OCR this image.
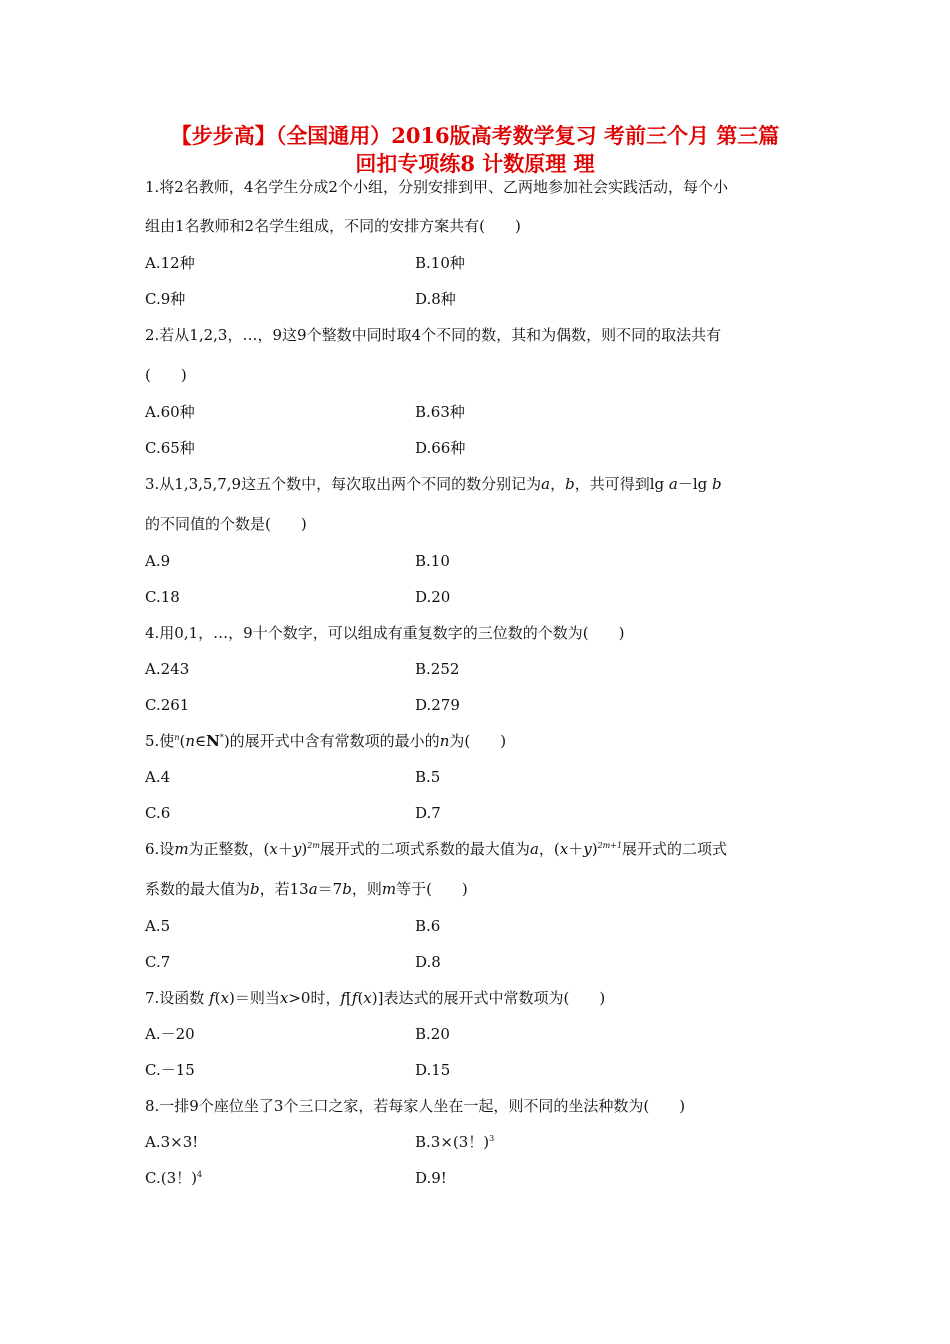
【步步高】（全国通用）2016版高考数学复习 考前三个月 第三篇
回扣专项练8 计数原理 理
1.将2名教师，4名学生分成2个小组，分别安排到甲、乙两地参加社会实践活动，每个小
组由1名教师和2名学生组成，不同的安排方案共有(　　)
A.12种	B.10种
C.9种	D.8种
2.若从1,2,3，…，9这9个整数中同时取4个不同的数，其和为偶数，则不同的取法共有
(　　)
A.60种	B.63种
C.65种	D.66种
3.从1,3,5,7,9这五个数中，每次取出两个不同的数分别记为a，b，共可得到lg a－lg b
的不同值的个数是(　　)
A.9	B.10
C.18	D.20
4.用0,1，…，9十个数字，可以组成有重复数字的三位数的个数为(　　)
A.243	B.252
C.261	D.279
5.使$^n$(n∈N*)的展开式中含有常数项的最小的n为(　　)
A.4	B.5
C.6	D.7
6.设m为正整数，$(x+y)^{2m}$展开式的二项式系数的最大值为a，$(x+y)^{2m+1}$展开式的二项式
系数的最大值为b，若13a＝7b，则m等于(　　)
A.5	B.6
C.7	D.8
7.设函数 f(x)＝则当x>0时，f[f(x)]表达式的展开式中常数项为(　　)
A.－20	B.20
C.－15	D.15
8.一排9个座位坐了3个三口之家，若每家人坐在一起，则不同的坐法种数为(　　)
A.3×3!	B.3×(3！)$^3$
C.(3！)$^4$	D.9!
